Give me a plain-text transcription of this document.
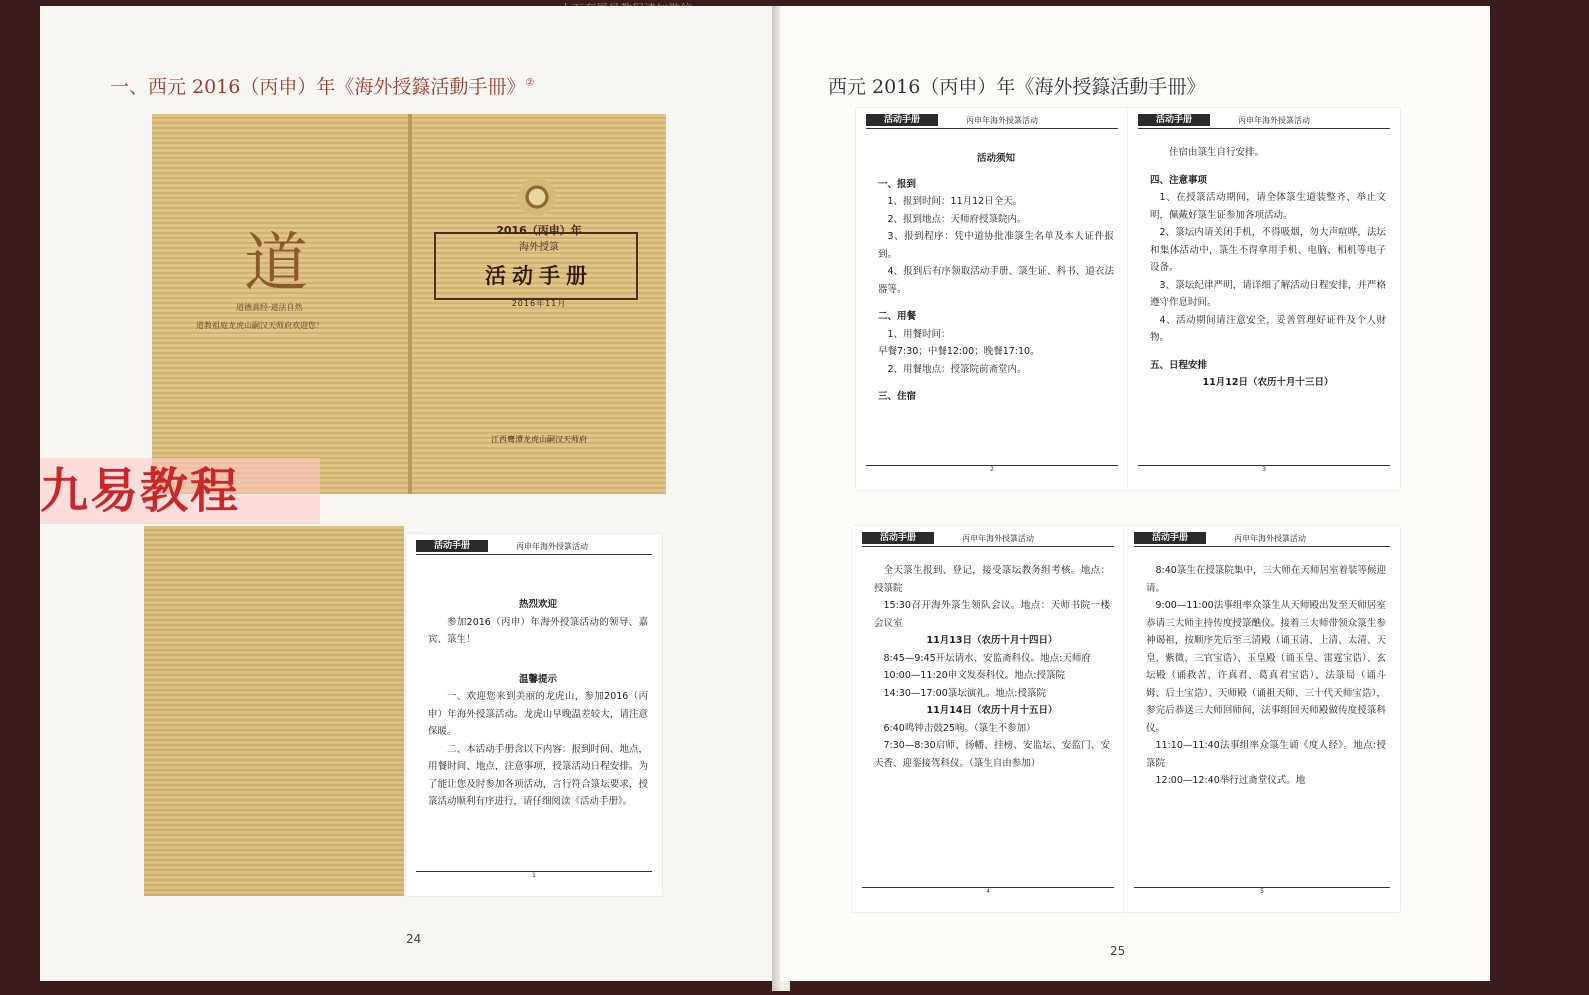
一、西元 2016（丙申）年《海外授籙活動手冊》②
道
道德真经·道法自然
道教祖庭龙虎山嗣汉天师府欢迎您！
2016（丙申）年
海外授箓
活动手册
2016年11月
江西鹰潭龙虎山嗣汉天师府
活动手册	丙申年海外授箓活动

热烈欢迎

参加2016（丙申）年海外授箓活动的领导、嘉宾、箓生！

温馨提示

一、欢迎您来到美丽的龙虎山，参加2016（丙申）年海外授箓活动。龙虎山早晚温差较大，请注意保暖。

二、本活动手册含以下内容：报到时间、地点，用餐时间、地点，注意事项，授箓活动日程安排。为了能让您及时参加各项活动，言行符合箓坛要求，授箓活动顺利有序进行，请仔细阅读《活动手册》。

1
九易教程
24
西元 2016（丙申）年《海外授籙活動手冊》
活动手册	丙申年海外授箓活动

活动须知

一、报到

1、报到时间：11月12日全天。

2、报到地点：天师府授箓院内。

3、报到程序：凭中道协批准箓生名单及本人证件报到。

4、报到后有序领取活动手册、箓生证、科书、道衣法器等。

二、用餐

1、用餐时间：

早餐7:30；中餐12:00；晚餐17:10。

2、用餐地点：授箓院前斋堂内。

三、住宿

2
活动手册	丙申年海外授箓活动

住宿由箓生自行安排。

四、注意事项

1、在授箓活动期间，请全体箓生道装整齐、举止文明，佩戴好箓生证参加各项活动。

2、箓坛内请关闭手机，不得吸烟，勿大声喧哗，法坛和集体活动中，箓生不得拿用手机、电脑、相机等电子设备。

3、箓坛纪律严明，请详细了解活动日程安排，并严格遵守作息时间。

4、活动期间请注意安全，妥善管理好证件及个人财物。

五、日程安排

11月12日（农历十月十三日）

3
活动手册	丙申年海外授箓活动

全天箓生报到、登记，接受箓坛教务组考核。地点：授箓院

15:30召开海外箓生领队会议。地点：天师书院一楼会议室

11月13日（农历十月十四日）

8:45—9:45开坛请水、安监斋科仪。地点:天师府

10:00—11:20申文发奏科仪。地点:授箓院

14:30—17:00箓坛演礼。地点:授箓院

11月14日（农历十月十五日）

6:40鸣钟击鼓25响。（箓生不参加）

7:30—8:30启师、扬幡、挂榜、安监坛、安监门、安天香、迎銮接驾科仪。（箓生自由参加）

4
活动手册	丙申年海外授箓活动

8:40箓生在授箓院集中，三大师在天师居室着装等候迎请。

9:00—11:00法事组率众箓生从天师殿出发至天师居室恭请三大师主持传度授箓醮仪。接着三大师带领众箓生参神谒祖，按顺序先后至三清殿（诵玉清、上清、太清、天皇、紫微、三官宝诰）、玉皇殿（诵玉皇、雷霆宝诰）、玄坛殿（诵救苦、许真君、葛真君宝诰）、法箓局（诵斗姆、后土宝诰）、天师殿（诵祖天师、三十代天师宝诰），参完后恭送三大师回师间，法事组回天师殿做传度授箓科仪。

11:10—11:40法事组率众箓生诵《度人经》。地点:授箓院

12:00—12:40举行过斋堂仪式。地

5
25
